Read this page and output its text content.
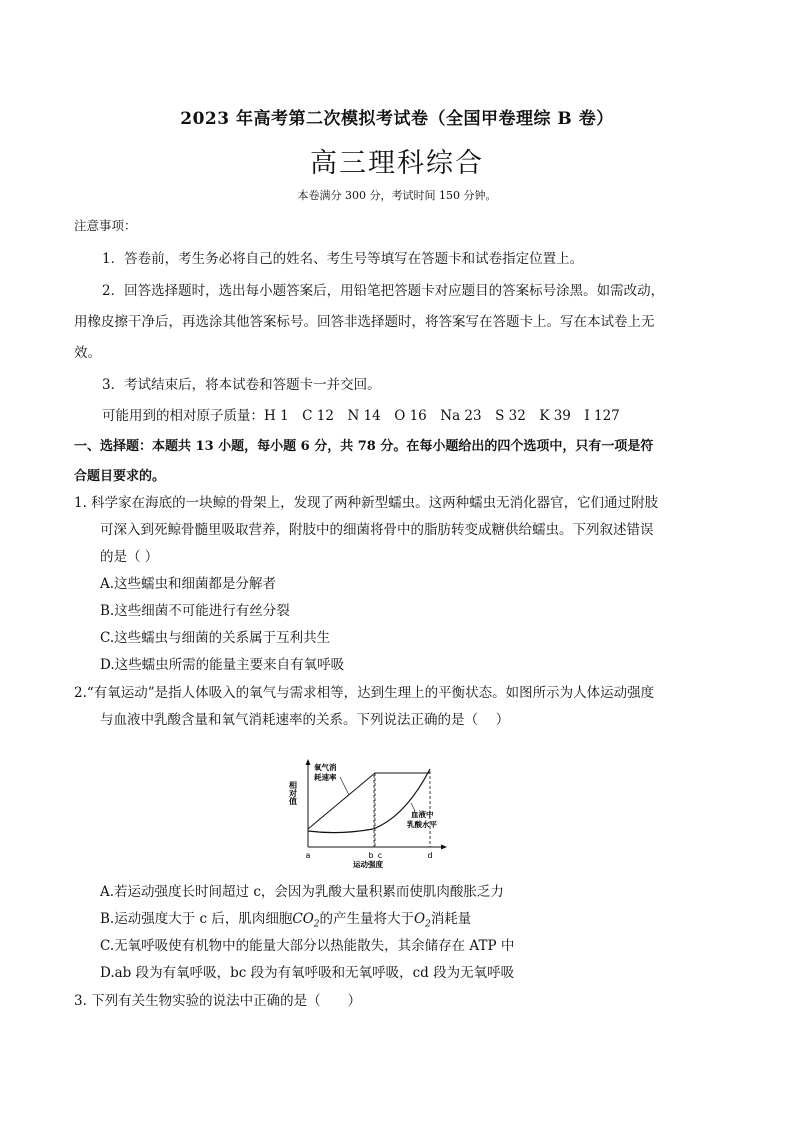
2023 年高考第二次模拟考试卷（全国甲卷理综 B 卷）
高三理科综合
本卷满分 300 分，考试时间 150 分钟。
注意事项：
1．答卷前，考生务必将自己的姓名、考生号等填写在答题卡和试卷指定位置上。
2．回答选择题时，选出每小题答案后，用铅笔把答题卡对应题目的答案标号涂黑。如需改动，
用橡皮擦干净后，再选涂其他答案标号。回答非选择题时，将答案写在答题卡上。写在本试卷上无
效。
3．考试结束后，将本试卷和答题卡一并交回。
可能用到的相对原子质量：H 1　C 12　N 14　O 16　Na 23　S 32　K 39　I 127
一、选择题：本题共 13 小题，每小题 6 分，共 78 分。在每小题给出的四个选项中，只有一项是符
合题目要求的。
1. 科学家在海底的一块鲸的骨架上，发现了两种新型蠕虫。这两种蠕虫无消化器官，它们通过附肢
可深入到死鲸骨髓里吸取营养，附肢中的细菌将骨中的脂肪转变成糖供给蠕虫。下列叙述错误
的是（ ）
A.这些蠕虫和细菌都是分解者
B.这些细菌不可能进行有丝分裂
C.这些蠕虫与细菌的关系属于互利共生
D.这些蠕虫所需的能量主要来自有氧呼吸
2.“有氧运动”是指人体吸入的氧气与需求相等，达到生理上的平衡状态。如图所示为人体运动强度
与血液中乳酸含量和氧气消耗速率的关系。下列说法正确的是（　 ）
相对值
氧气消
耗速率
血液中
乳酸水平
a	b c	d
运动强度
A.若运动强度长时间超过 c，会因为乳酸大量积累而使肌肉酸胀乏力
B.运动强度大于 c 后，肌肉细胞$CO_2$的产生量将大于$O_2$消耗量
C.无氧呼吸使有机物中的能量大部分以热能散失，其余储存在 ATP 中
D.ab 段为有氧呼吸，bc 段为有氧呼吸和无氧呼吸，cd 段为无氧呼吸
3. 下列有关生物实验的说法中正确的是（　　）
